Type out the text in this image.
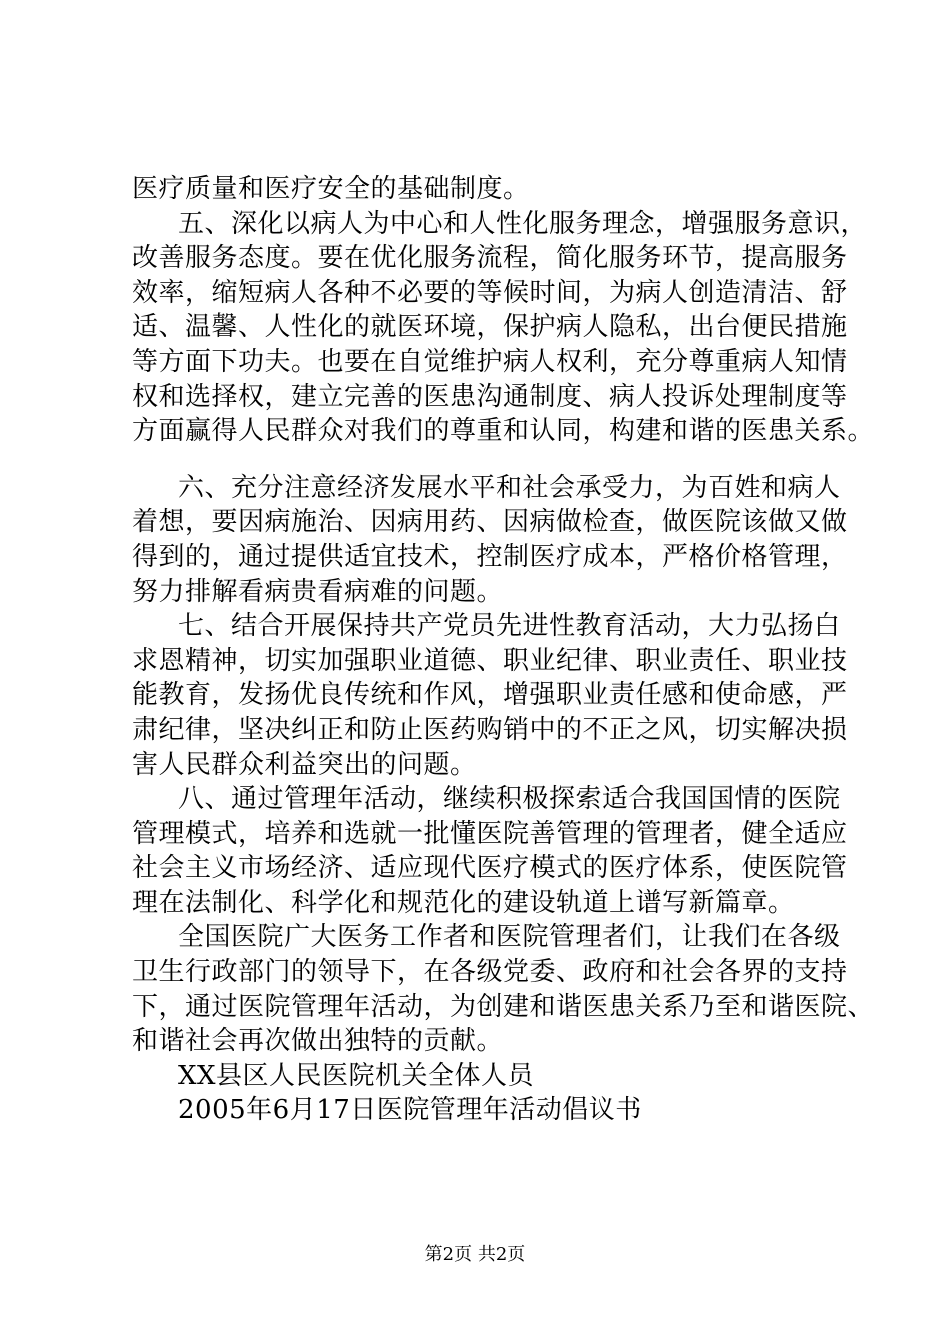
医疗质量和医疗安全的基础制度。
五、深化以病人为中心和人性化服务理念，增强服务意识，
改善服务态度。要在优化服务流程，简化服务环节，提高服务
效率，缩短病人各种不必要的等候时间，为病人创造清洁、舒
适、温馨、人性化的就医环境，保护病人隐私，出台便民措施
等方面下功夫。也要在自觉维护病人权利，充分尊重病人知情
权和选择权，建立完善的医患沟通制度、病人投诉处理制度等
方面赢得人民群众对我们的尊重和认同，构建和谐的医患关系。
六、充分注意经济发展水平和社会承受力，为百姓和病人
着想，要因病施治、因病用药、因病做检查，做医院该做又做
得到的，通过提供适宜技术，控制医疗成本，严格价格管理，
努力排解看病贵看病难的问题。
七、结合开展保持共产党员先进性教育活动，大力弘扬白
求恩精神，切实加强职业道德、职业纪律、职业责任、职业技
能教育，发扬优良传统和作风，增强职业责任感和使命感，严
肃纪律，坚决纠正和防止医药购销中的不正之风，切实解决损
害人民群众利益突出的问题。
八、通过管理年活动，继续积极探索适合我国国情的医院
管理模式，培养和选就一批懂医院善管理的管理者，健全适应
社会主义市场经济、适应现代医疗模式的医疗体系，使医院管
理在法制化、科学化和规范化的建设轨道上谱写新篇章。
全国医院广大医务工作者和医院管理者们，让我们在各级
卫生行政部门的领导下，在各级党委、政府和社会各界的支持
下，通过医院管理年活动，为创建和谐医患关系乃至和谐医院、
和谐社会再次做出独特的贡献。
XX县区人民医院机关全体人员
2005年6月17日医院管理年活动倡议书
第2页 共2页
